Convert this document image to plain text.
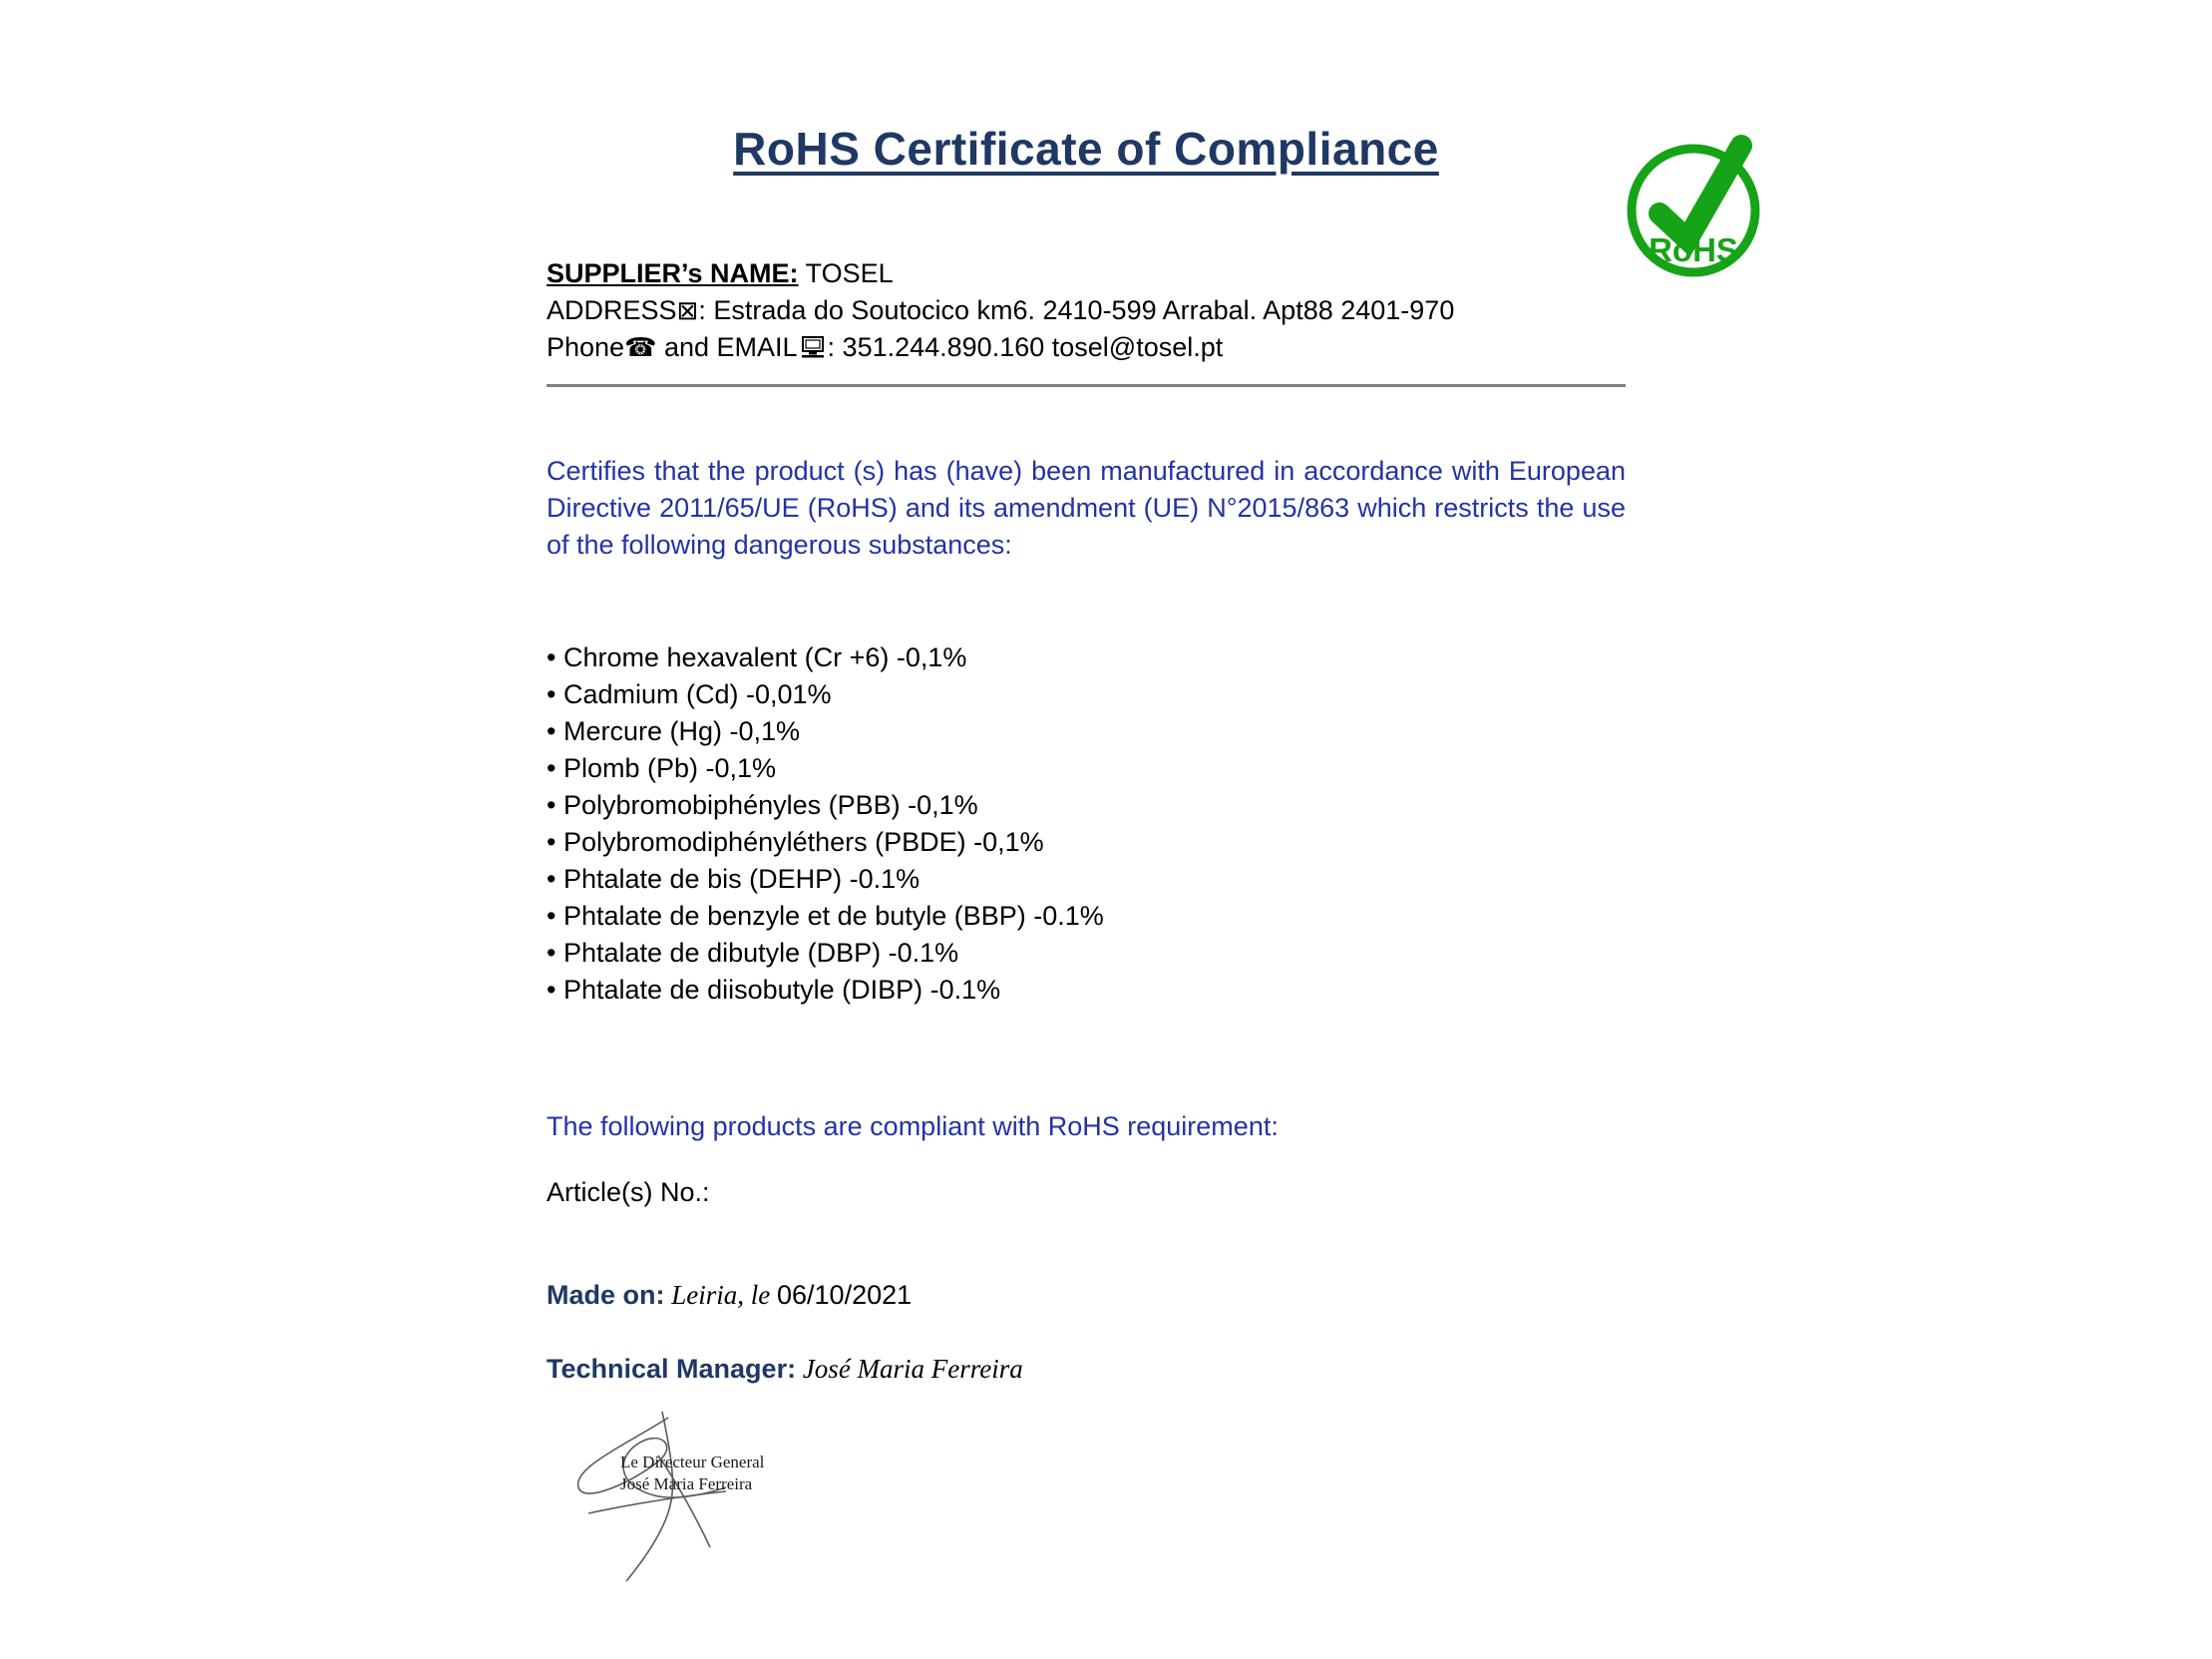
RoHS
RoHS Certificate of Compliance

SUPPLIER’s NAME: TOSEL

ADDRESS⊠: Estrada do Soutocico km6. 2410-599 Arrabal. Apt88 2401-970

Phone☎ and EMAIL : 351.244.890.160 tosel@tosel.pt

Certifies that the product (s) has (have) been manufactured in accordance with European Directive 2011/65/UE (RoHS) and its amendment (UE) N°2015/863 which restricts the use of the following dangerous substances:

• Chrome hexavalent (Cr +6) -0,1%
• Cadmium (Cd) -0,01%
• Mercure (Hg) -0,1%
• Plomb (Pb) -0,1%
• Polybromobiphényles (PBB) -0,1%
• Polybromodiphényléthers (PBDE) -0,1%
• Phtalate de bis (DEHP) -0.1%
• Phtalate de benzyle et de butyle (BBP) -0.1%
• Phtalate de dibutyle (DBP) -0.1%
• Phtalate de diisobutyle (DIBP) -0.1%

The following products are compliant with RoHS requirement:

Article(s) No.:

Made on: Leiria, le 06/10/2021

Technical Manager: José Maria Ferreira

Le Directeur General
José Maria Ferreira
